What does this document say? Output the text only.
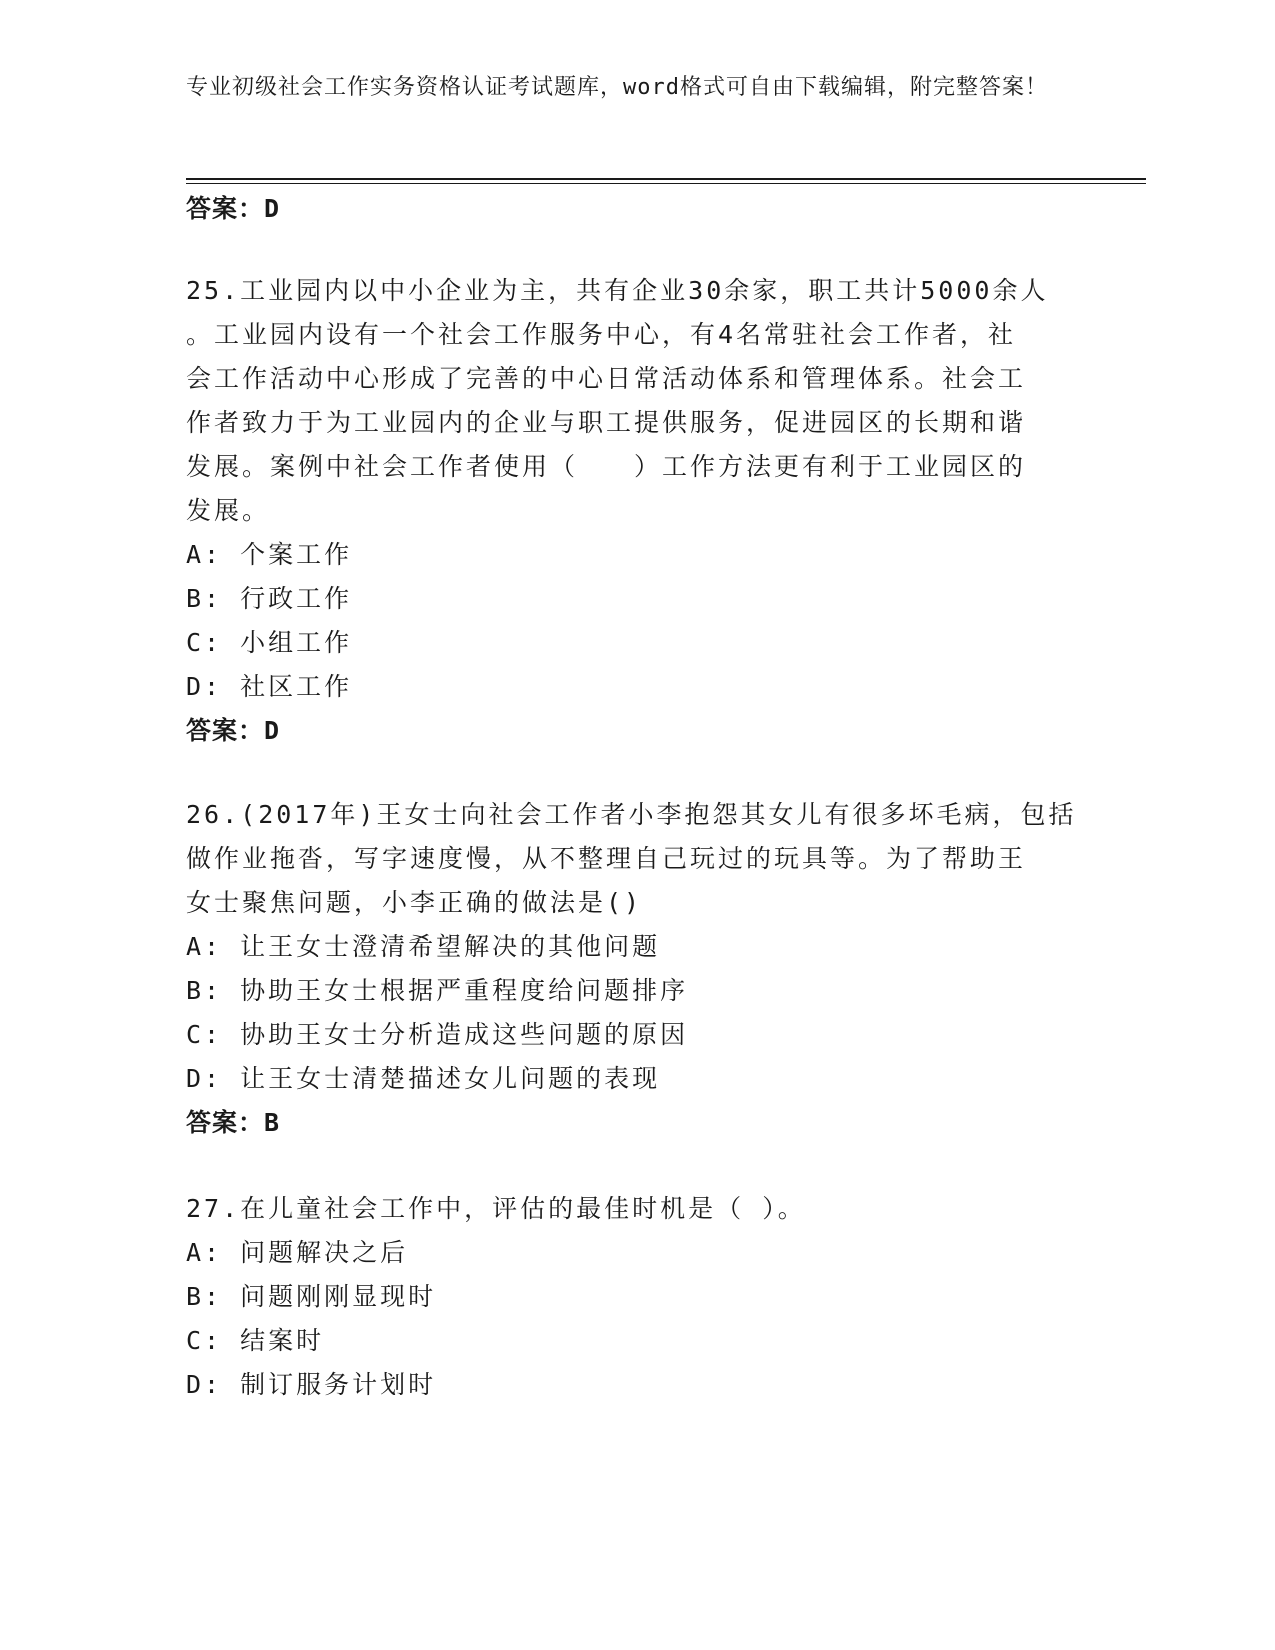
专业初级社会工作实务资格认证考试题库，word格式可自由下载编辑，附完整答案！

答案：D

25.工业园内以中小企业为主，共有企业30余家，职工共计5000余人

。工业园内设有一个社会工作服务中心，有4名常驻社会工作者，社

会工作活动中心形成了完善的中心日常活动体系和管理体系。社会工

作者致力于为工业园内的企业与职工提供服务，促进园区的长期和谐

发展。案例中社会工作者使用（　　）工作方法更有利于工业园区的

发展。

A: 个案工作

B: 行政工作

C: 小组工作

D: 社区工作

答案：D

26.(2017年)王女士向社会工作者小李抱怨其女儿有很多坏毛病，包括

做作业拖沓，写字速度慢，从不整理自己玩过的玩具等。为了帮助王

女士聚焦问题，小李正确的做法是()

A: 让王女士澄清希望解决的其他问题

B: 协助王女士根据严重程度给问题排序

C: 协助王女士分析造成这些问题的原因

D: 让王女士清楚描述女儿问题的表现

答案：B

27.在儿童社会工作中，评估的最佳时机是（ ）。

A: 问题解决之后

B: 问题刚刚显现时

C: 结案时

D: 制订服务计划时
